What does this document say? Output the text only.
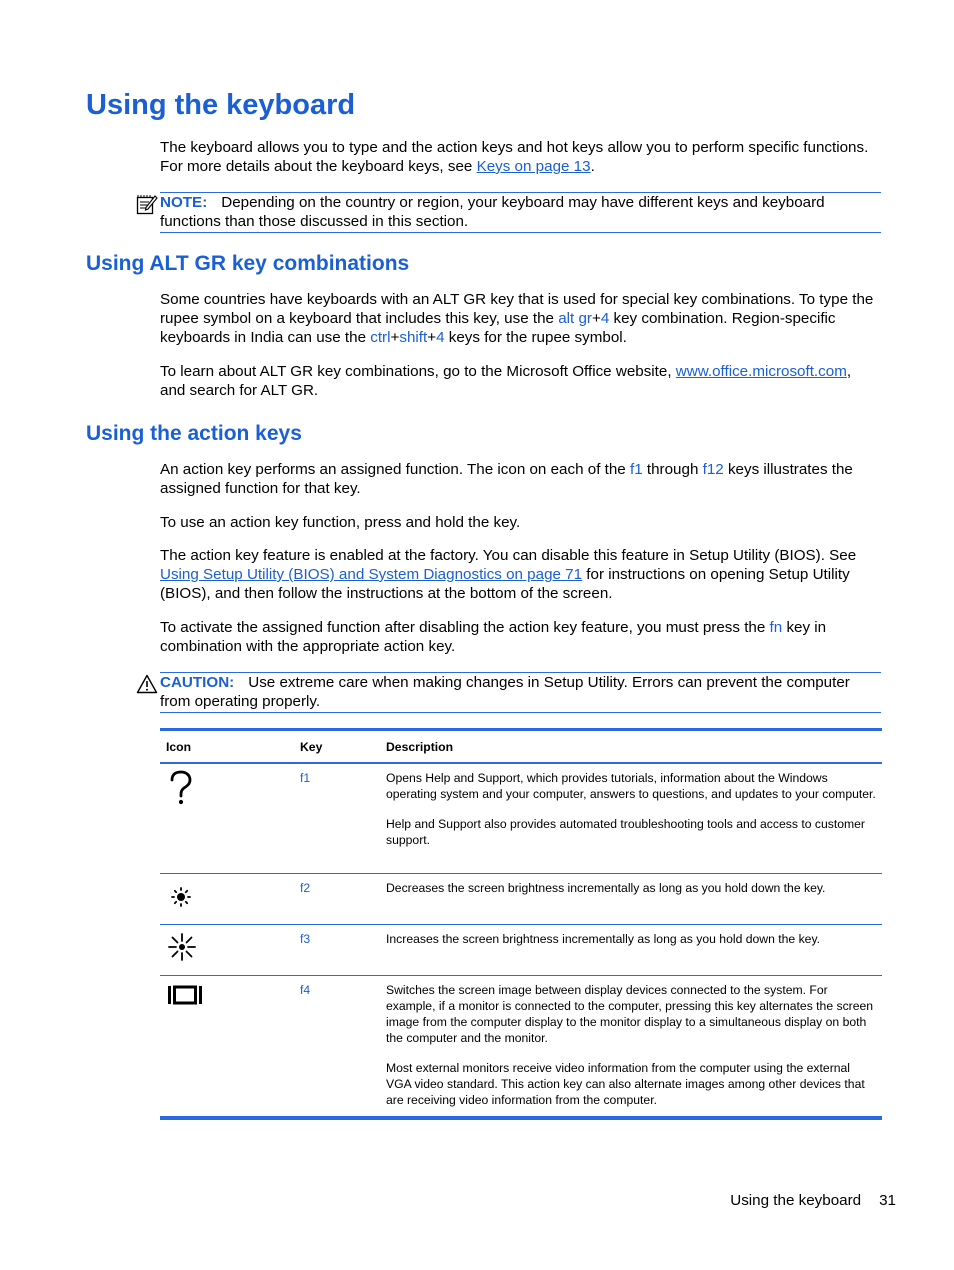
Using the keyboard

The keyboard allows you to type and the action keys and hot keys allow you to perform specific functions. For more details about the keyboard keys, see Keys on page 13.

NOTE: Depending on the country or region, your keyboard may have different keys and keyboard functions than those discussed in this section.
Using ALT GR key combinations

Some countries have keyboards with an ALT GR key that is used for special key combinations. To type the rupee symbol on a keyboard that includes this key, use the alt gr+4 key combination. Region-specific keyboards in India can use the ctrl+shift+4 keys for the rupee symbol.

To learn about ALT GR key combinations, go to the Microsoft Office website, www.office.microsoft.com, and search for ALT GR.

Using the action keys

An action key performs an assigned function. The icon on each of the f1 through f12 keys illustrates the assigned function for that key.

To use an action key function, press and hold the key.

The action key feature is enabled at the factory. You can disable this feature in Setup Utility (BIOS). See Using Setup Utility (BIOS) and System Diagnostics on page 71 for instructions on opening Setup Utility (BIOS), and then follow the instructions at the bottom of the screen.

To activate the assigned function after disabling the action key feature, you must press the fn key in combination with the appropriate action key.

CAUTION: Use extreme care when making changes in Setup Utility. Errors can prevent the computer from operating properly.
Icon	Key	Description
	f1	Opens Help and Support, which provides tutorials, information about the Windows operating system and your computer, answers to questions, and updates to your computer.

Help and Support also provides automated troubleshooting tools and access to customer support.

	f2	Decreases the screen brightness incrementally as long as you hold down the key.

	f3	Increases the screen brightness incrementally as long as you hold down the key.

	f4	Switches the screen image between display devices connected to the system. For example, if a monitor is connected to the computer, pressing this key alternates the screen image from the computer display to the monitor display to a simultaneous display on both the computer and the monitor.

Most external monitors receive video information from the computer using the external VGA video standard. This action key can also alternate images among other devices that are receiving video information from the computer.

Using the keyboard 31
